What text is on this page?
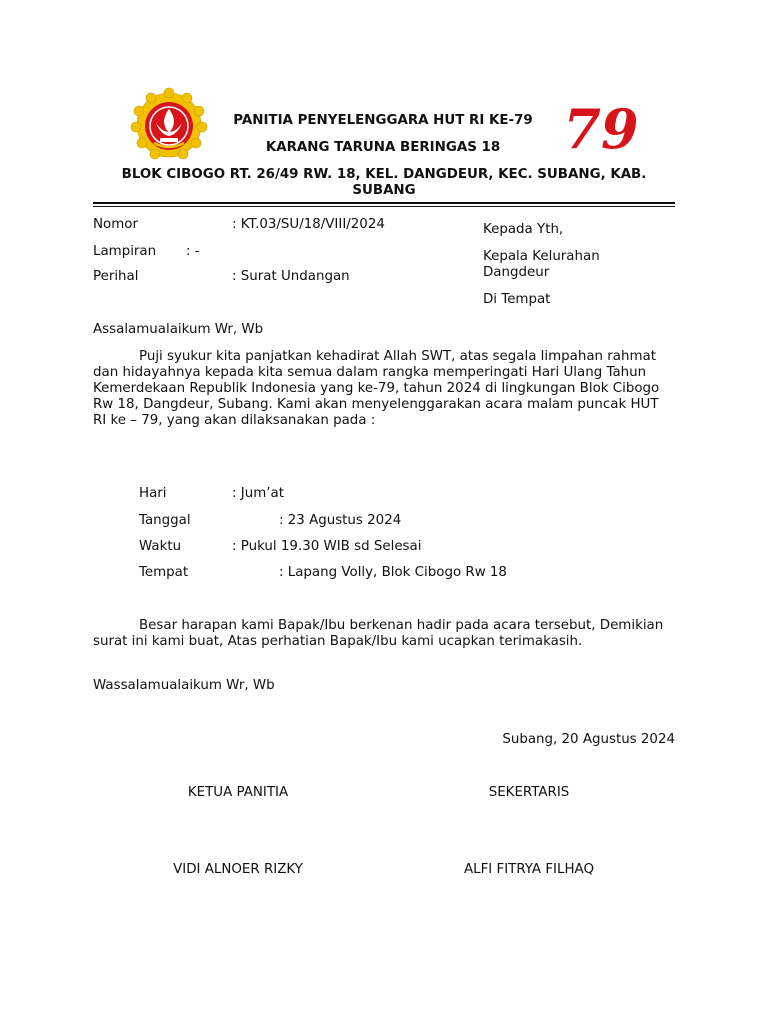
79
PANITIA PENYELENGGARA HUT RI KE-79
KARANG TARUNA BERINGAS 18
BLOK CIBOGO RT. 26/49 RW. 18, KEL. DANGDEUR, KEC. SUBANG, KAB.
SUBANG
Nomor	: KT.03/SU/18/VIII/2024
Lampiran : -
Perihal	: Surat Undangan
Kepada Yth,
Kepala Kelurahan Dangdeur
Di Tempat
Assalamualaikum Wr, Wb
Puji syukur kita panjatkan kehadirat Allah SWT, atas segala limpahan rahmat dan hidayahnya kepada kita semua dalam rangka memperingati Hari Ulang Tahun Kemerdekaan Republik Indonesia yang ke-79, tahun 2024 di lingkungan Blok Cibogo Rw 18, Dangdeur, Subang. Kami akan menyelenggarakan acara malam puncak HUT RI ke – 79, yang akan dilaksanakan pada :
Hari	: Jum’at
Tanggal	: 23 Agustus 2024
Waktu	: Pukul 19.30 WIB sd Selesai
Tempat	: Lapang Volly, Blok Cibogo Rw 18
Besar harapan kami Bapak/Ibu berkenan hadir pada acara tersebut, Demikian surat ini kami buat, Atas perhatian Bapak/Ibu kami ucapkan terimakasih.
Wassalamualaikum Wr, Wb
Subang, 20 Agustus 2024
KETUA PANITIA	SEKERTARIS
VIDI ALNOER RIZKY	ALFI FITRYA FILHAQ
